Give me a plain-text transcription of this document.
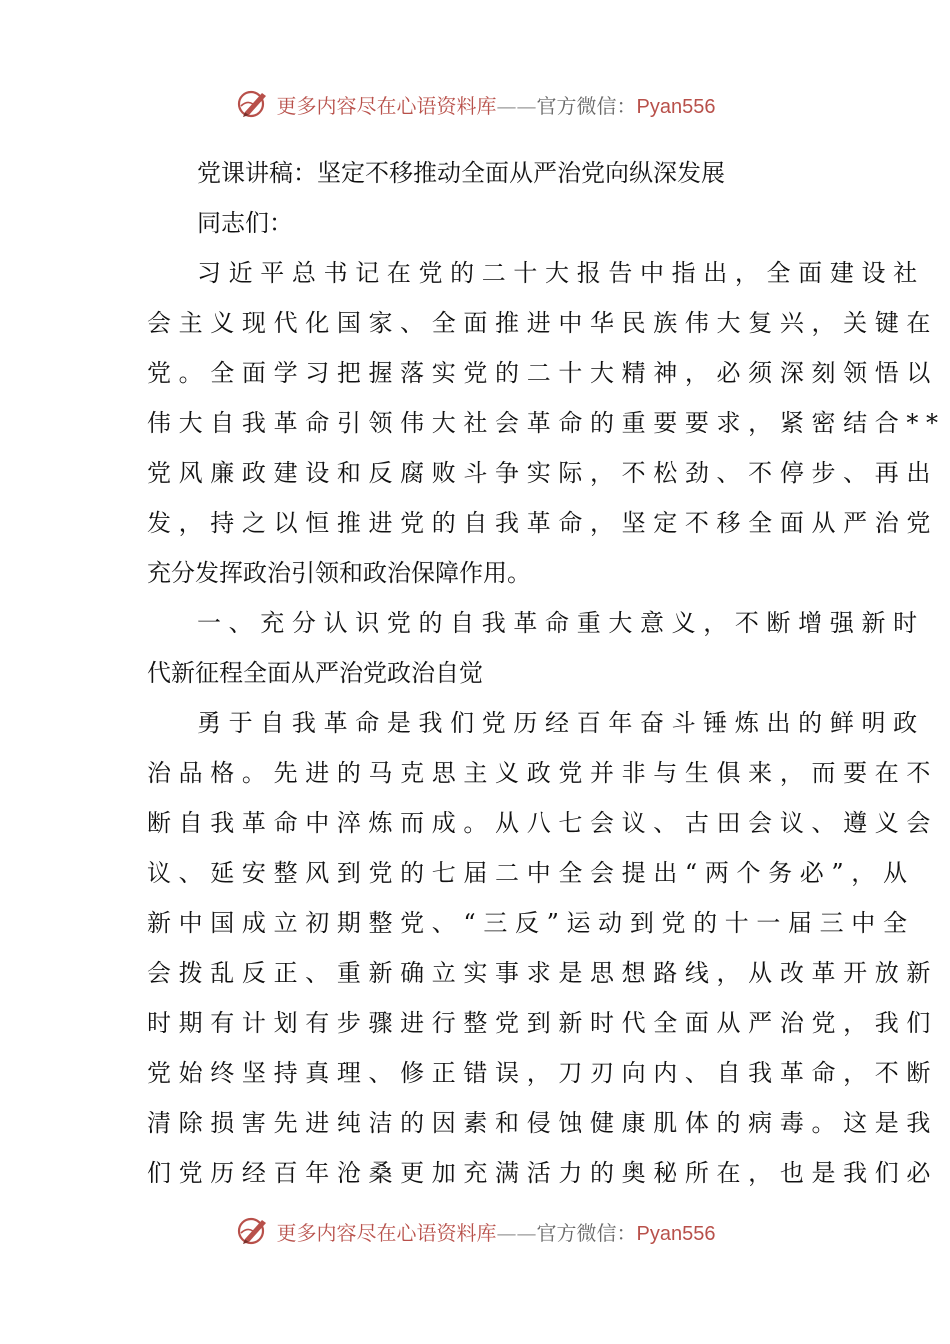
更多内容尽在心语资料库——官方微信：Pyan556
党课讲稿：坚定不移推动全面从严治党向纵深发展
同志们：
习 近 平 总 书 记 在 党 的 二 十 大 报 告 中 指 出 ， 全 面 建 设 社
会 主 义 现 代 化 国 家 、 全 面 推 进 中 华 民 族 伟 大 复 兴 ， 关 键 在
党 。 全 面 学 习 把 握 落 实 党 的 二 十 大 精 神 ， 必 须 深 刻 领 悟 以
伟 大 自 我 革 命 引 领 伟 大 社 会 革 命 的 重 要 要 求 ， 紧 密 结 合 * *
党 风 廉 政 建 设 和 反 腐 败 斗 争 实 际 ， 不 松 劲 、 不 停 步 、 再 出
发 ， 持 之 以 恒 推 进 党 的 自 我 革 命 ， 坚 定 不 移 全 面 从 严 治 党
充分发挥政治引领和政治保障作用。
一 、 充 分 认 识 党 的 自 我 革 命 重 大 意 义 ， 不 断 增 强 新 时
代新征程全面从严治党政治自觉
勇 于 自 我 革 命 是 我 们 党 历 经 百 年 奋 斗 锤 炼 出 的 鲜 明 政
治 品 格 。 先 进 的 马 克 思 主 义 政 党 并 非 与 生 俱 来 ， 而 要 在 不
断 自 我 革 命 中 淬 炼 而 成 。 从 八 七 会 议 、 古 田 会 议 、 遵 义 会
议 、 延 安 整 风 到 党 的 七 届 二 中 全 会 提 出 “ 两 个 务 必 ” ， 从
新 中 国 成 立 初 期 整 党 、 “ 三 反 ” 运 动 到 党 的 十 一 届 三 中 全
会 拨 乱 反 正 、 重 新 确 立 实 事 求 是 思 想 路 线 ， 从 改 革 开 放 新
时 期 有 计 划 有 步 骤 进 行 整 党 到 新 时 代 全 面 从 严 治 党 ， 我 们
党 始 终 坚 持 真 理 、 修 正 错 误 ， 刀 刃 向 内 、 自 我 革 命 ， 不 断
清 除 损 害 先 进 纯 洁 的 因 素 和 侵 蚀 健 康 肌 体 的 病 毒 。 这 是 我
们 党 历 经 百 年 沧 桑 更 加 充 满 活 力 的 奥 秘 所 在 ， 也 是 我 们 必
更多内容尽在心语资料库——官方微信：Pyan556
